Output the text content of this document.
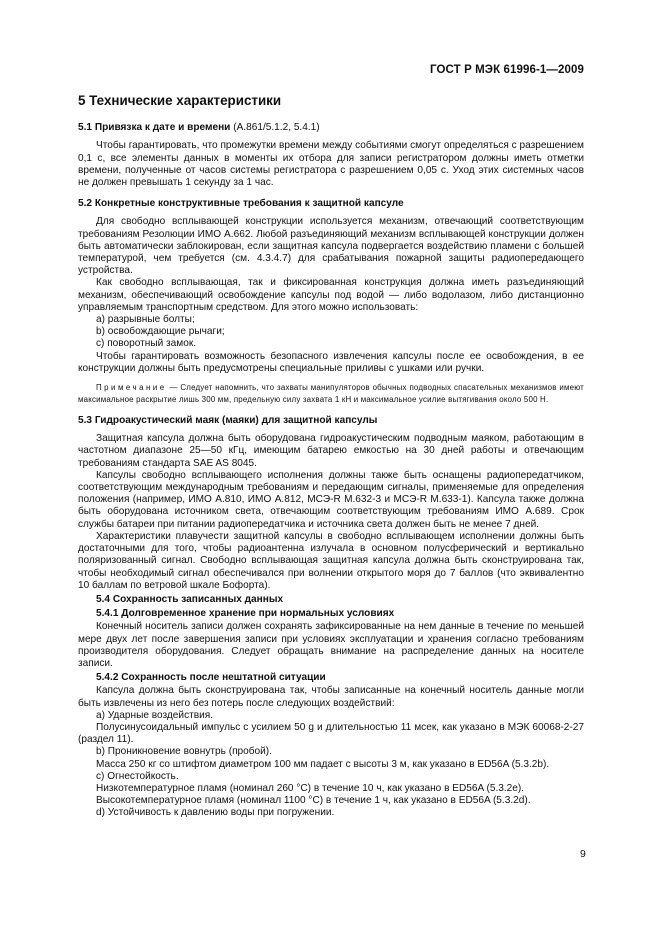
ГОСТ Р МЭК 61996-1—2009

5 Технические характеристики

5.1 Привязка к дате и времени (А.861/5.1.2, 5.4.1)

Чтобы гарантировать, что промежутки времени между событиями смогут определяться с разрешением 0,1 с, все элементы данных в моменты их отбора для записи регистратором должны иметь отметки времени, полученные от часов системы регистратора с разрешением 0,05 с. Уход этих системных часов не должен превышать 1 секунду за 1 час.

5.2 Конкретные конструктивные требования к защитной капсуле

Для свободно всплывающей конструкции используется механизм, отвечающий соответствующим требованиям Резолюции ИМО А.662. Любой разъединяющий механизм всплывающей конструкции должен быть автоматически заблокирован, если защитная капсула подвергается воздействию пламени с большей температурой, чем требуется (см. 4.3.4.7) для срабатывания пожарной защиты радиопередающего устройства.

Как свободно всплывающая, так и фиксированная конструкция должна иметь разъединяющий механизм, обеспечивающий освобождение капсулы под водой — либо водолазом, либо дистанционно управляемым транспортным средством. Для этого можно использовать:

a) разрывные болты;

b) освобождающие рычаги;

c) поворотный замок.

Чтобы гарантировать возможность безопасного извлечения капсулы после ее освобождения, в ее конструкции должны быть предусмотрены специальные приливы с ушками или ручки.

Примечание — Следует напомнить, что захваты манипуляторов обычных подводных спасательных механизмов имеют максимальное раскрытие лишь 300 мм, предельную силу захвата 1 кН и максимальное усилие вытягивания около 500 Н.

5.3 Гидроакустический маяк (маяки) для защитной капсулы

Защитная капсула должна быть оборудована гидроакустическим подводным маяком, работающим в частотном диапазоне 25—50 кГц, имеющим батарею емкостью на 30 дней работы и отвечающим требованиям стандарта SAE AS 8045.

Капсулы свободно всплывающего исполнения должны также быть оснащены радиопередатчиком, соответствующим международным требованиям и передающим сигналы, применяемые для определения положения (например, ИМО А.810, ИМО А.812, МСЭ-R M.632-3 и МСЭ-R M.633-1). Капсула также должна быть оборудована источником света, отвечающим соответствующим требованиям ИМО А.689. Срок службы батареи при питании радиопередатчика и источника света должен быть не менее 7 дней.

Характеристики плавучести защитной капсулы в свободно всплывающем исполнении должны быть достаточными для того, чтобы радиоантенна излучала в основном полусферический и вертикально поляризованный сигнал. Свободно всплывающая защитная капсула должна быть сконструирована так, чтобы необходимый сигнал обеспечивался при волнении открытого моря до 7 баллов (что эквивалентно 10 баллам по ветровой шкале Бофорта).

5.4 Сохранность записанных данных

5.4.1 Долговременное хранение при нормальных условиях

Конечный носитель записи должен сохранять зафиксированные на нем данные в течение по меньшей мере двух лет после завершения записи при условиях эксплуатации и хранения согласно требованиям производителя оборудования. Следует обращать внимание на распределение данных на носителе записи.

5.4.2 Сохранность после нештатной ситуации

Капсула должна быть сконструирована так, чтобы записанные на конечный носитель данные могли быть извлечены из него без потерь после следующих воздействий:

a) Ударные воздействия.

Полусинусоидальный импульс с усилием 50 g и длительностью 11 мсек, как указано в МЭК 60068-2-27 (раздел 11).

b) Проникновение вовнутрь (пробой).

Масса 250 кг со штифтом диаметром 100 мм падает с высоты 3 м, как указано в ED56A (5.3.2b).

c) Огнестойкость.

Низкотемпературное пламя (номинал 260 °С) в течение 10 ч, как указано в ED56A (5.3.2e).

Высокотемпературное пламя (номинал 1100 °С) в течение 1 ч, как указано в ED56A (5.3.2d).

d) Устойчивость к давлению воды при погружении.

9
